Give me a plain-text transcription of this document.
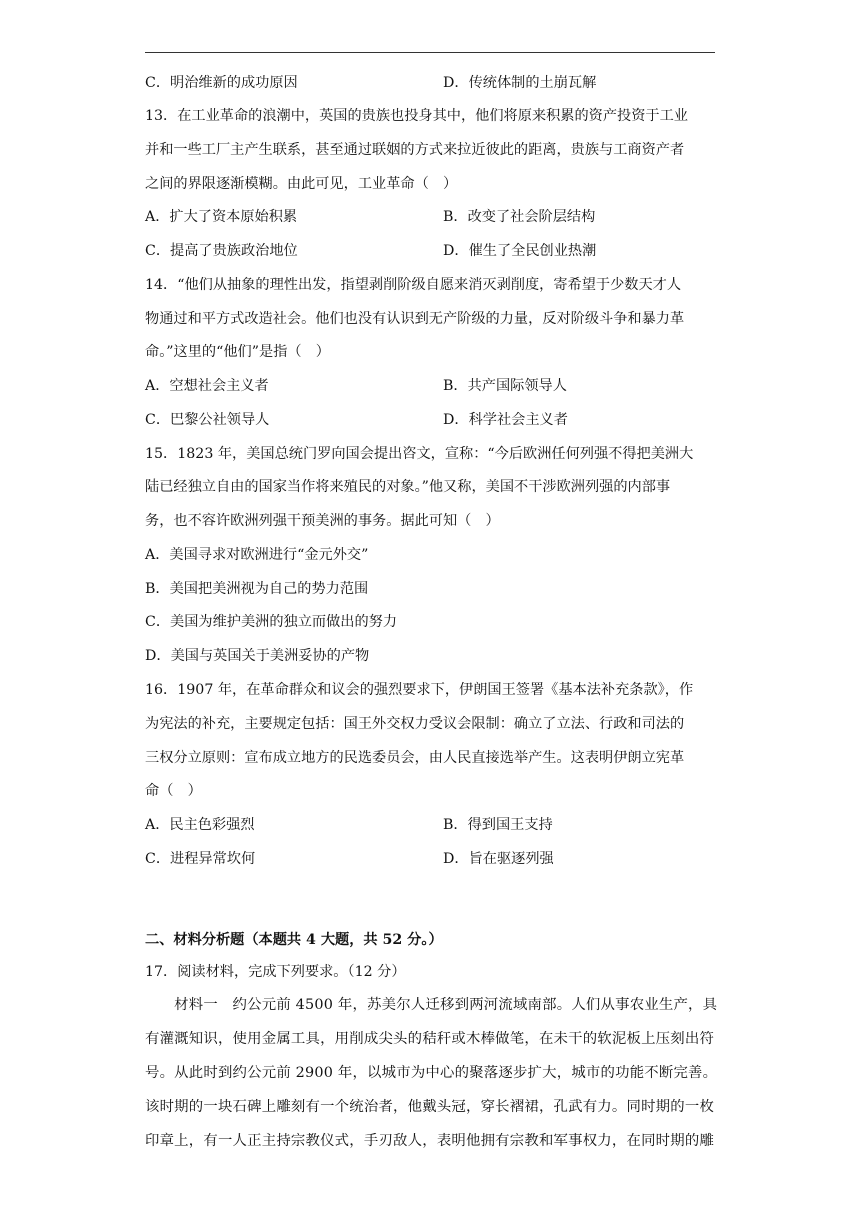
C．明治维新的成功原因	D．传统体制的土崩瓦解
13．在工业革命的浪潮中，英国的贵族也投身其中，他们将原来积累的资产投资于工业
并和一些工厂主产生联系，甚至通过联姻的方式来拉近彼此的距离，贵族与工商资产者
之间的界限逐渐模糊。由此可见，工业革命（　）
A．扩大了资本原始积累	B．改变了社会阶层结构
C．提高了贵族政治地位	D．催生了全民创业热潮
14．“他们从抽象的理性出发，指望剥削阶级自愿来消灭剥削度，寄希望于少数天才人
物通过和平方式改造社会。他们也没有认识到无产阶级的力量，反对阶级斗争和暴力革
命。”这里的“他们”是指（　）
A．空想社会主义者	B．共产国际领导人
C．巴黎公社领导人	D．科学社会主义者
15．1823 年，美国总统门罗向国会提出咨文，宣称：“今后欧洲任何列强不得把美洲大
陆已经独立自由的国家当作将来殖民的对象。”他又称，美国不干涉欧洲列强的内部事
务，也不容许欧洲列强干预美洲的事务。据此可知（　）
A．美国寻求对欧洲进行“金元外交”
B．美国把美洲视为自己的势力范围
C．美国为维护美洲的独立而做出的努力
D．美国与英国关于美洲妥协的产物
16．1907 年，在革命群众和议会的强烈要求下，伊朗国王签署《基本法补充条款》，作
为宪法的补充，主要规定包括：国王外交权力受议会限制：确立了立法、行政和司法的
三权分立原则：宣布成立地方的民选委员会，由人民直接选举产生。这表明伊朗立宪革
命（　）
A．民主色彩强烈	B．得到国王支持
C．进程异常坎何	D．旨在驱逐列强
二、材料分析题（本题共 4 大题，共 52 分。）
17．阅读材料，完成下列要求。（12 分）
　　材料一　约公元前 4500 年，苏美尔人迁移到两河流域南部。人们从事农业生产，具
有灌溉知识，使用金属工具，用削成尖头的秸秆或木棒做笔，在未干的软泥板上压刻出符
号。从此时到约公元前 2900 年，以城市为中心的聚落逐步扩大，城市的功能不断完善。
该时期的一块石碑上雕刻有一个统治者，他戴头冠，穿长褶裙，孔武有力。同时期的一枚
印章上，有一人正主持宗教仪式，手刃敌人，表明他拥有宗教和军事权力，在同时期的雕
